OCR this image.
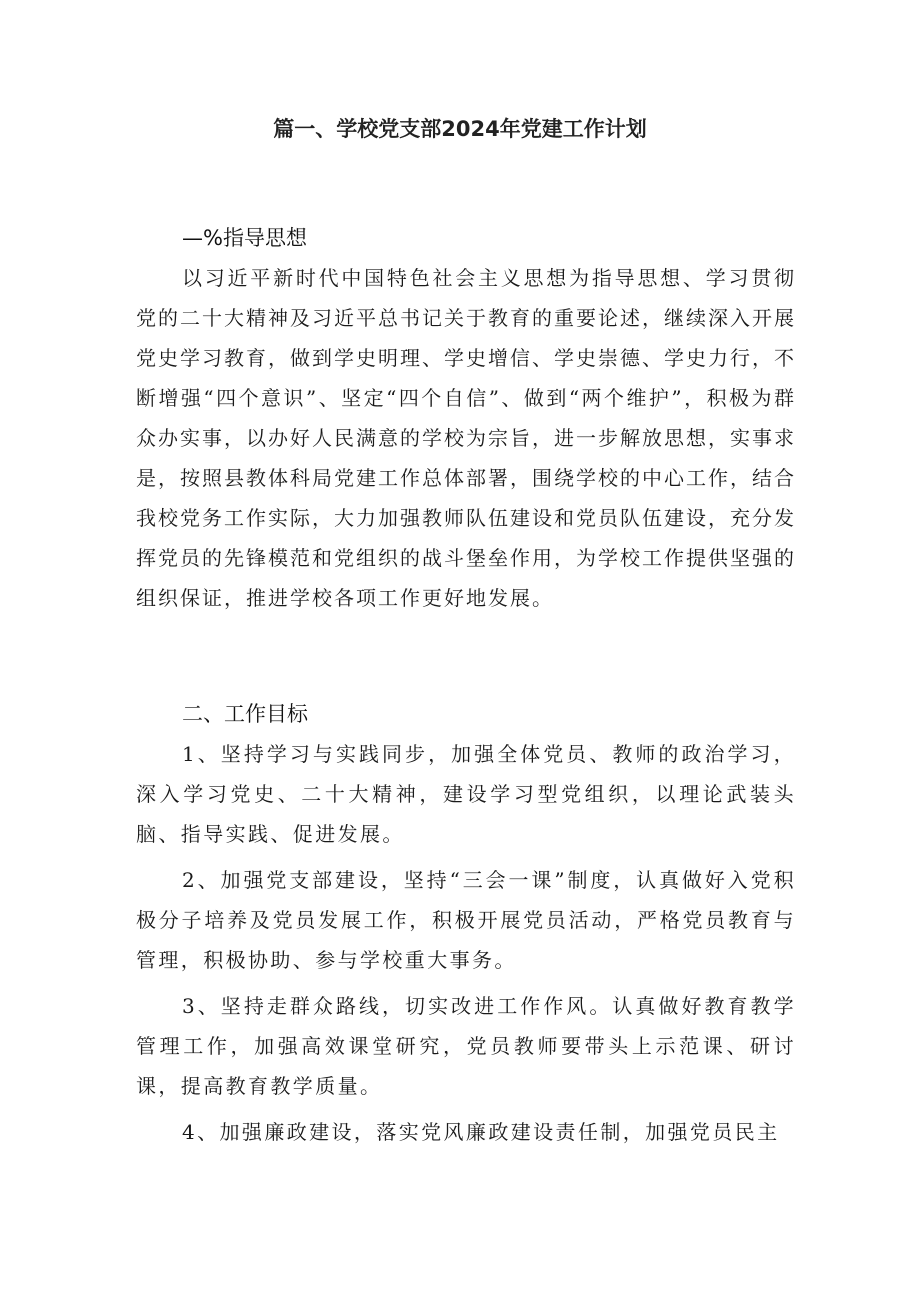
篇一、学校党支部2024年党建工作计划

—%指导思想

以习近平新时代中国特色社会主义思想为指导思想、学习贯彻党的二十大精神及习近平总书记关于教育的重要论述，继续深入开展党史学习教育，做到学史明理、学史增信、学史崇德、学史力行，不断增强“四个意识”、坚定“四个自信”、做到“两个维护”，积极为群众办实事，以办好人民满意的学校为宗旨，进一步解放思想，实事求是，按照县教体科局党建工作总体部署，围绕学校的中心工作，结合我校党务工作实际，大力加强教师队伍建设和党员队伍建设，充分发挥党员的先锋模范和党组织的战斗堡垒作用，为学校工作提供坚强的组织保证，推进学校各项工作更好地发展。

二、工作目标

1、坚持学习与实践同步，加强全体党员、教师的政治学习，深入学习党史、二十大精神，建设学习型党组织，以理论武装头脑、指导实践、促进发展。

2、加强党支部建设，坚持“三会一课”制度，认真做好入党积极分子培养及党员发展工作，积极开展党员活动，严格党员教育与管理，积极协助、参与学校重大事务。

3、坚持走群众路线，切实改进工作作风。认真做好教育教学管理工作，加强高效课堂研究，党员教师要带头上示范课、研讨课，提高教育教学质量。

4、加强廉政建设，落实党风廉政建设责任制，加强党员民主
